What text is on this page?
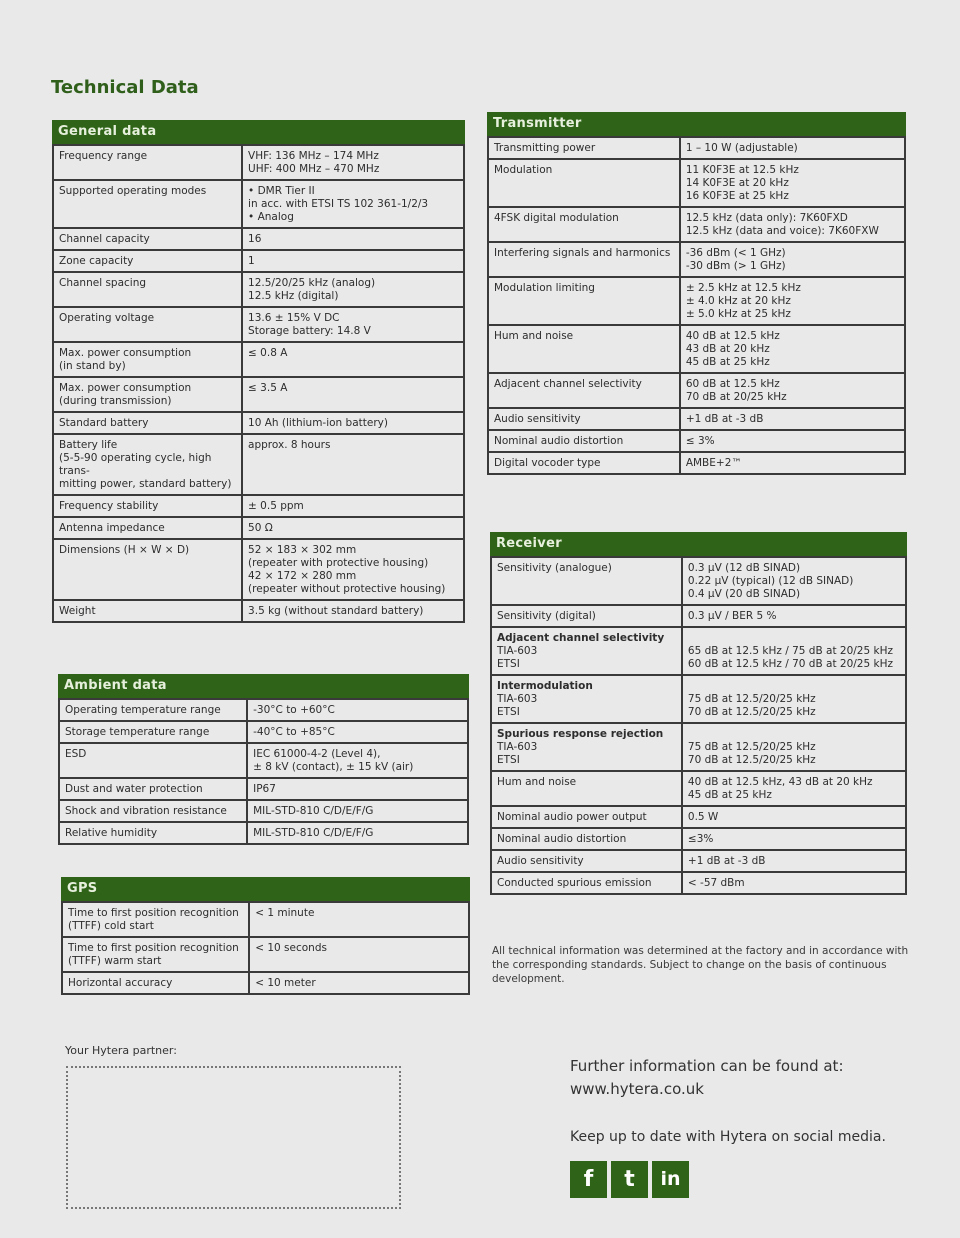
Technical Data
General data
Frequency range	VHF: 136 MHz – 174 MHz
UHF: 400 MHz – 470 MHz

Supported operating modes	• DMR Tier II
in acc. with ETSI TS 102 361-1/2/3
• Analog

Channel capacity	16

Zone capacity	1

Channel spacing	12.5/20/25 kHz (analog)
12.5 kHz (digital)

Operating voltage	13.6 ± 15% V DC
Storage battery: 14.8 V

Max. power consumption
(in stand by)	≤ 0.8 A

Max. power consumption
(during transmission)	≤ 3.5 A

Standard battery	10 Ah (lithium-ion battery)

Battery life
(5-5-90 operating cycle, high trans-
mitting power, standard battery)	approx. 8 hours

Frequency stability	± 0.5 ppm

Antenna impedance	50 Ω

Dimensions (H × W × D)	52 × 183 × 302 mm
(repeater with protective housing)
42 × 172 × 280 mm
(repeater without protective housing)

Weight	3.5 kg (without standard battery)
Ambient data
Operating temperature range	-30°C to +60°C

Storage temperature range	-40°C to +85°C

ESD	IEC 61000-4-2 (Level 4),
± 8 kV (contact), ± 15 kV (air)

Dust and water protection	IP67

Shock and vibration resistance	MIL-STD-810 C/D/E/F/G

Relative humidity	MIL-STD-810 C/D/E/F/G
GPS
Time to first position recognition
(TTFF) cold start	< 1 minute

Time to first position recognition
(TTFF) warm start	< 10 seconds

Horizontal accuracy	< 10 meter
Transmitter
Transmitting power	1 – 10 W (adjustable)

Modulation	11 K0F3E at 12.5 kHz
14 K0F3E at 20 kHz
16 K0F3E at 25 kHz

4FSK digital modulation	12.5 kHz (data only): 7K60FXD
12.5 kHz (data and voice): 7K60FXW

Interfering signals and harmonics	-36 dBm (< 1 GHz)
-30 dBm (> 1 GHz)

Modulation limiting	± 2.5 kHz at 12.5 kHz
± 4.0 kHz at 20 kHz
± 5.0 kHz at 25 kHz

Hum and noise	40 dB at 12.5 kHz
43 dB at 20 kHz
45 dB at 25 kHz

Adjacent channel selectivity	60 dB at 12.5 kHz
70 dB at 20/25 kHz

Audio sensitivity	+1 dB at -3 dB

Nominal audio distortion	≤ 3%

Digital vocoder type	AMBE+2™
Receiver
Sensitivity (analogue)	0.3 µV (12 dB SINAD)
0.22 µV (typical) (12 dB SINAD)
0.4 µV (20 dB SINAD)

Sensitivity (digital)	0.3 µV / BER 5 %

Adjacent channel selectivity
TIA-603
ETSI	65 dB at 12.5 kHz / 75 dB at 20/25 kHz
60 dB at 12.5 kHz / 70 dB at 20/25 kHz

Intermodulation
TIA-603
ETSI	75 dB at 12.5/20/25 kHz
70 dB at 12.5/20/25 kHz

Spurious response rejection
TIA-603
ETSI	75 dB at 12.5/20/25 kHz
70 dB at 12.5/20/25 kHz

Hum and noise	40 dB at 12.5 kHz, 43 dB at 20 kHz
45 dB at 25 kHz

Nominal audio power output	0.5 W

Nominal audio distortion	≤3%

Audio sensitivity	+1 dB at -3 dB

Conducted spurious emission	< -57 dBm
All technical information was determined at the factory and in accordance with the corresponding standards. Subject to change on the basis of continuous development.
Your Hytera partner:
Further information can be found at:
www.hytera.co.uk
Keep up to date with Hytera on social media.
f	t	in
